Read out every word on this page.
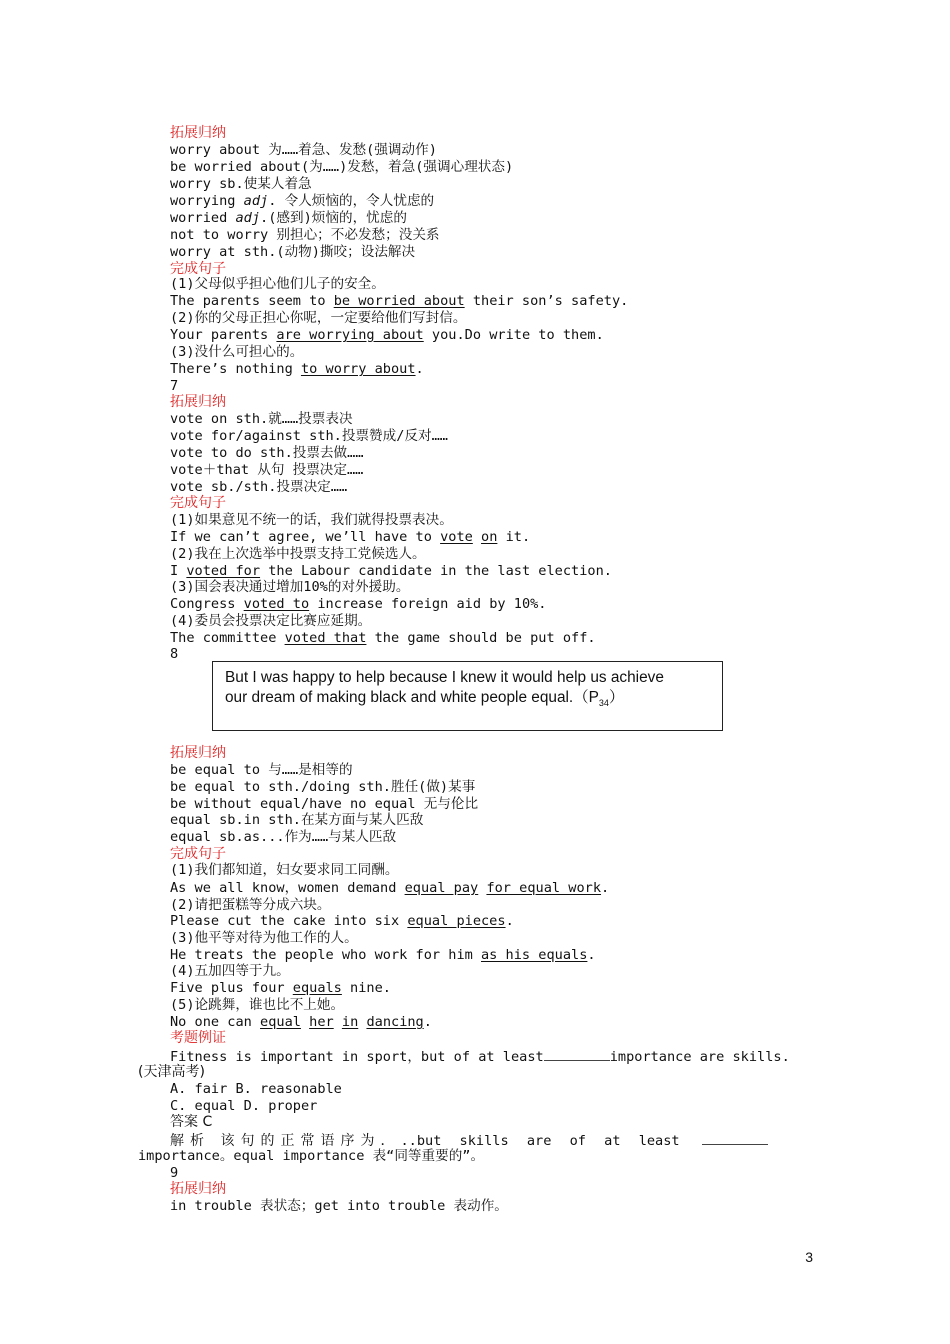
拓展归纳
worry about 为……着急、发愁(强调动作)
be worried about(为……)发愁，着急(强调心理状态)
worry sb.使某人着急
worrying adj. 令人烦恼的，令人忧虑的
worried adj.(感到)烦恼的，忧虑的
not to worry 别担心；不必发愁；没关系
worry at sth.(动物)撕咬；设法解决
完成句子
(1)父母似乎担心他们儿子的安全。
The parents seem to be worried about their son’s safety.
(2)你的父母正担心你呢，一定要给他们写封信。
Your parents are worrying about you.Do write to them.
(3)没什么可担心的。
There’s nothing to worry about.
7
拓展归纳
vote on sth.就……投票表决
vote for/against sth.投票赞成/反对……
vote to do sth.投票去做……
vote＋that 从句 投票决定……
vote sb./sth.投票决定……
完成句子
(1)如果意见不统一的话，我们就得投票表决。
If we can’t agree, we’ll have to vote on it.
(2)我在上次选举中投票支持工党候选人。
I voted for the Labour candidate in the last election.
(3)国会表决通过增加10%的对外援助。
Congress voted to increase foreign aid by 10%.
(4)委员会投票决定比赛应延期。
The committee voted that the game should be put off.
8
But I was happy to help because I knew it would help us achieve
our dream of making black and white people $equal.(P_{34})$
拓展归纳
be equal to 与……是相等的
be equal to sth./doing sth.胜任(做)某事
be without equal/have no equal 无与伦比
equal sb.in sth.在某方面与某人匹敌
equal sb.as...作为……与某人匹敌
完成句子
(1)我们都知道，妇女要求同工同酬。
As we all know，women demand equal pay for equal work.
(2)请把蛋糕等分成六块。
Please cut the cake into six equal pieces.
(3)他平等对待为他工作的人。
He treats the people who work for him as his equals.
(4)五加四等于九。
Five plus four equals nine.
(5)论跳舞，谁也比不上她。
No one can equal her in dancing.
考题例证
Fitness is important in sport，but of at least	importance are skills.
(天津高考)
A. fair B. reasonable
C. equal D. proper
答案 C
解析 该句的正常语序为．..but skills are of at least
importance。equal importance 表“同等重要的”。
9
拓展归纳
in trouble 表状态；get into trouble 表动作。
3
